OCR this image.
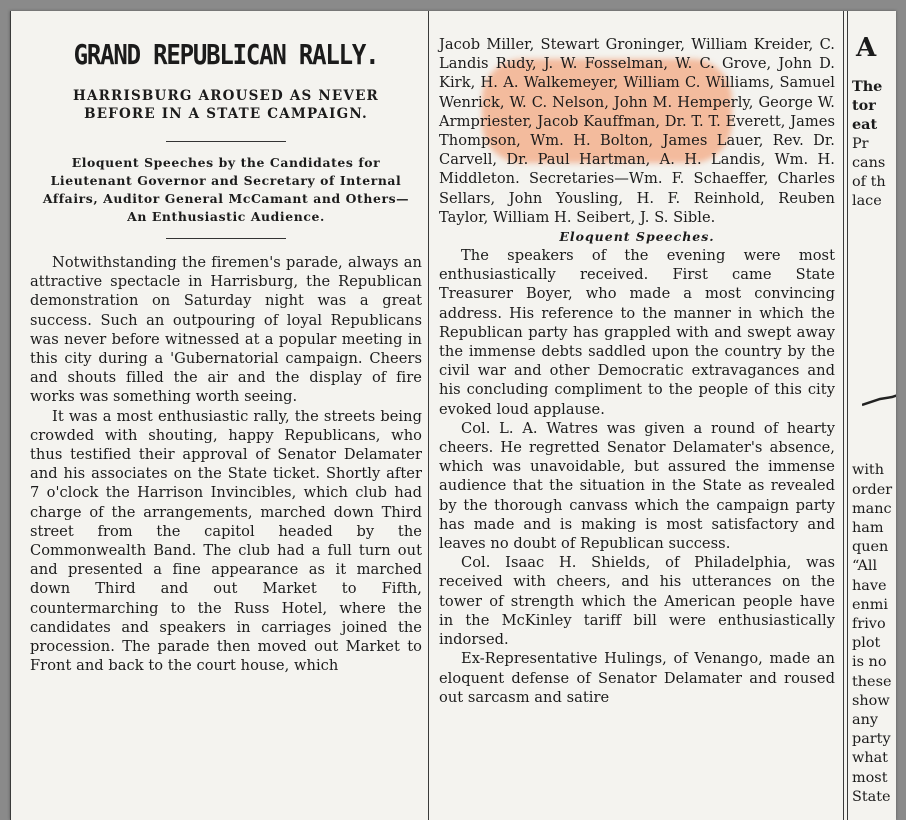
GRAND REPUBLICAN RALLY.
HARRISBURG AROUSED AS NEVER BEFORE IN A STATE CAMPAIGN.
Eloquent Speeches by the Candidates for Lieutenant Governor and Secretary of Internal Affairs, Auditor General McCamant and Others—An Enthusiastic Audience.

Notwithstanding the firemen's parade, always an attractive spectacle in Harrisburg, the Republican demonstration on Saturday night was a great success. Such an outpouring of loyal Republicans was never before witnessed at a popular meeting in this city during a 'Gubernatorial campaign. Cheers and shouts filled the air and the display of fire works was something worth seeing.

It was a most enthusiastic rally, the streets being crowded with shouting, happy Republicans, who thus testified their approval of Senator Delamater and his associates on the State ticket. Shortly after 7 o'clock the Harrison Invincibles, which club had charge of the arrangements, marched down Third street from the capitol headed by the Commonwealth Band. The club had a full turn out and presented a fine appearance as it marched down Third and out Market to Fifth, countermarching to the Russ Hotel, where the candidates and speakers in carriages joined the procession. The parade then moved out Market to Front and back to the court house, which

Jacob Miller, Stewart Groninger, William Kreider, C. Landis Rudy, J. W. Fosselman, W. C. Grove, John D. Kirk, H. A. Walkemeyer, William C. Williams, Samuel Wenrick, W. C. Nelson, John M. Hemperly, George W. Armpriester, Jacob Kauffman, Dr. T. T. Everett, James Thompson, Wm. H. Bolton, James Lauer, Rev. Dr. Carvell, Dr. Paul Hartman, A. H. Landis, Wm. H. Middleton. Secretaries—Wm. F. Schaeffer, Charles Sellars, John Yousling, H. F. Reinhold, Reuben Taylor, William H. Seibert, J. S. Sible.

Eloquent Speeches.

The speakers of the evening were most enthusiastically received. First came State Treasurer Boyer, who made a most convincing address. His reference to the manner in which the Republican party has grappled with and swept away the immense debts saddled upon the country by the civil war and other Democratic extravagances and his concluding compliment to the people of this city evoked loud applause.

Col. L. A. Watres was given a round of hearty cheers. He regretted Senator Delamater's absence, which was unavoidable, but assured the immense audience that the situation in the State as revealed by the thorough canvass which the campaign party has made and is making is most satisfactory and leaves no doubt of Republican success.

Col. Isaac H. Shields, of Philadelphia, was received with cheers, and his utterances on the tower of strength which the American people have in the McKinley tariff bill were enthusiastically indorsed.

Ex-Representative Hulings, of Venango, made an eloquent defense of Senator Delamater and roused out sarcasm and satire

A
The
tor
eat
Pr
cans
of th
lace
with
order
manc
ham
quen
“All
have
enmi
frivo
plot
is no
these
show
any
party
what
most
State
